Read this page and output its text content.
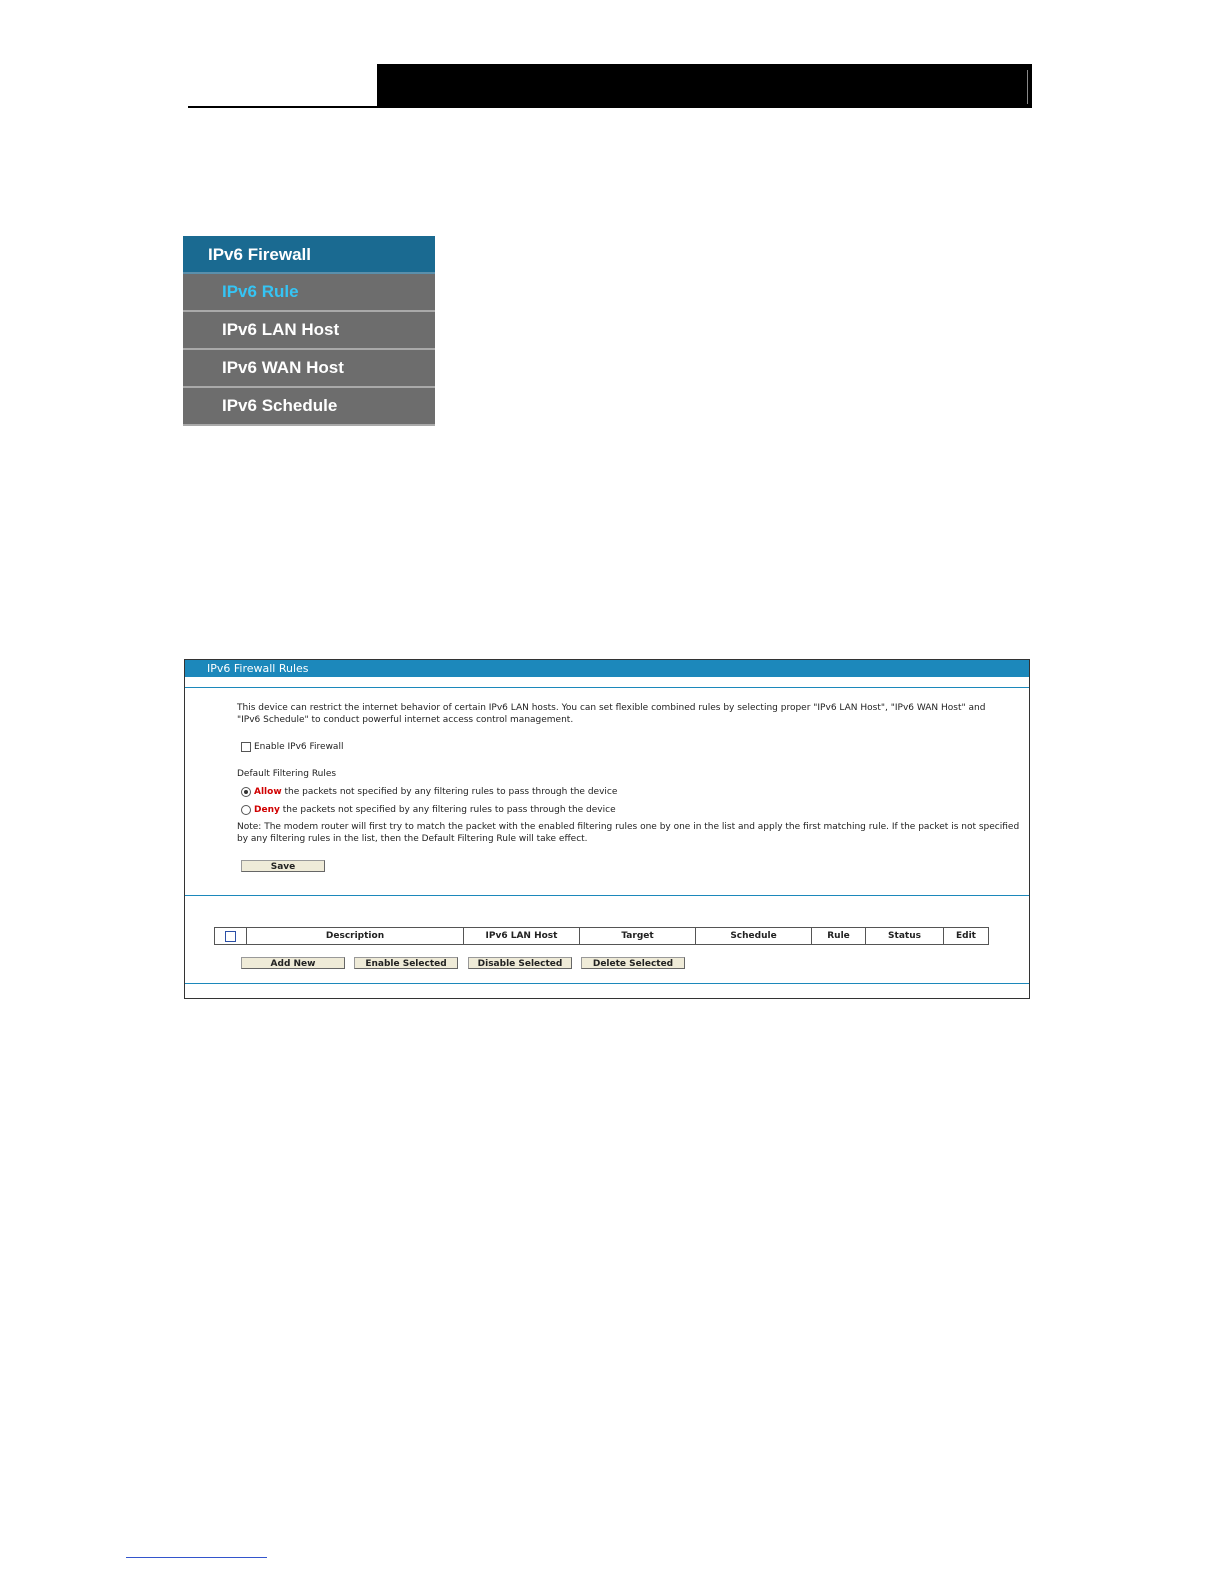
IPv6 Firewall
IPv6 Rule
IPv6 LAN Host
IPv6 WAN Host
IPv6 Schedule
IPv6 Firewall Rules
This device can restrict the internet behavior of certain IPv6 LAN hosts. You can set flexible combined rules by selecting proper "IPv6 LAN Host", "IPv6 WAN Host" and
"IPv6 Schedule" to conduct powerful internet access control management.
Enable IPv6 Firewall
Default Filtering Rules
Allow the packets not specified by any filtering rules to pass through the device
Deny the packets not specified by any filtering rules to pass through the device
Note: The modem router will first try to match the packet with the enabled filtering rules one by one in the list and apply the first matching rule. If the packet is not specified
by any filtering rules in the list, then the Default Filtering Rule will take effect.
Save
Description	IPv6 LAN Host	Target	Schedule	Rule	Status	Edit
Add New	Enable Selected	Disable Selected	Delete Selected
